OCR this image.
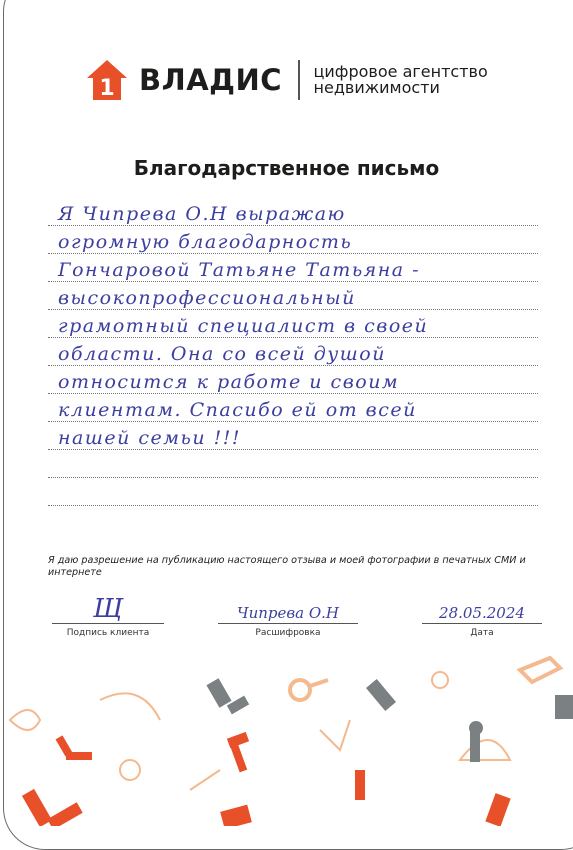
1 ВЛАДИС цифровое агентство
недвижимости
Благодарственное письмо
Я Чипрева О.Н выражаю
огромную благодарность
Гончаровой Татьяне Татьяна -
высокопрофессиональный
грамотный специалист в своей
области. Она со всей душой
относится к работе и своим
клиентам. Спасибо ей от всей
нашей семьи !!!
Я даю разрешение на публикацию настоящего отзыва и моей фотографии в печатных СМИ и интернете
Щ
Подпись клиента
Чипрева О.Н
Расшифровка
28.05.2024
Дата
